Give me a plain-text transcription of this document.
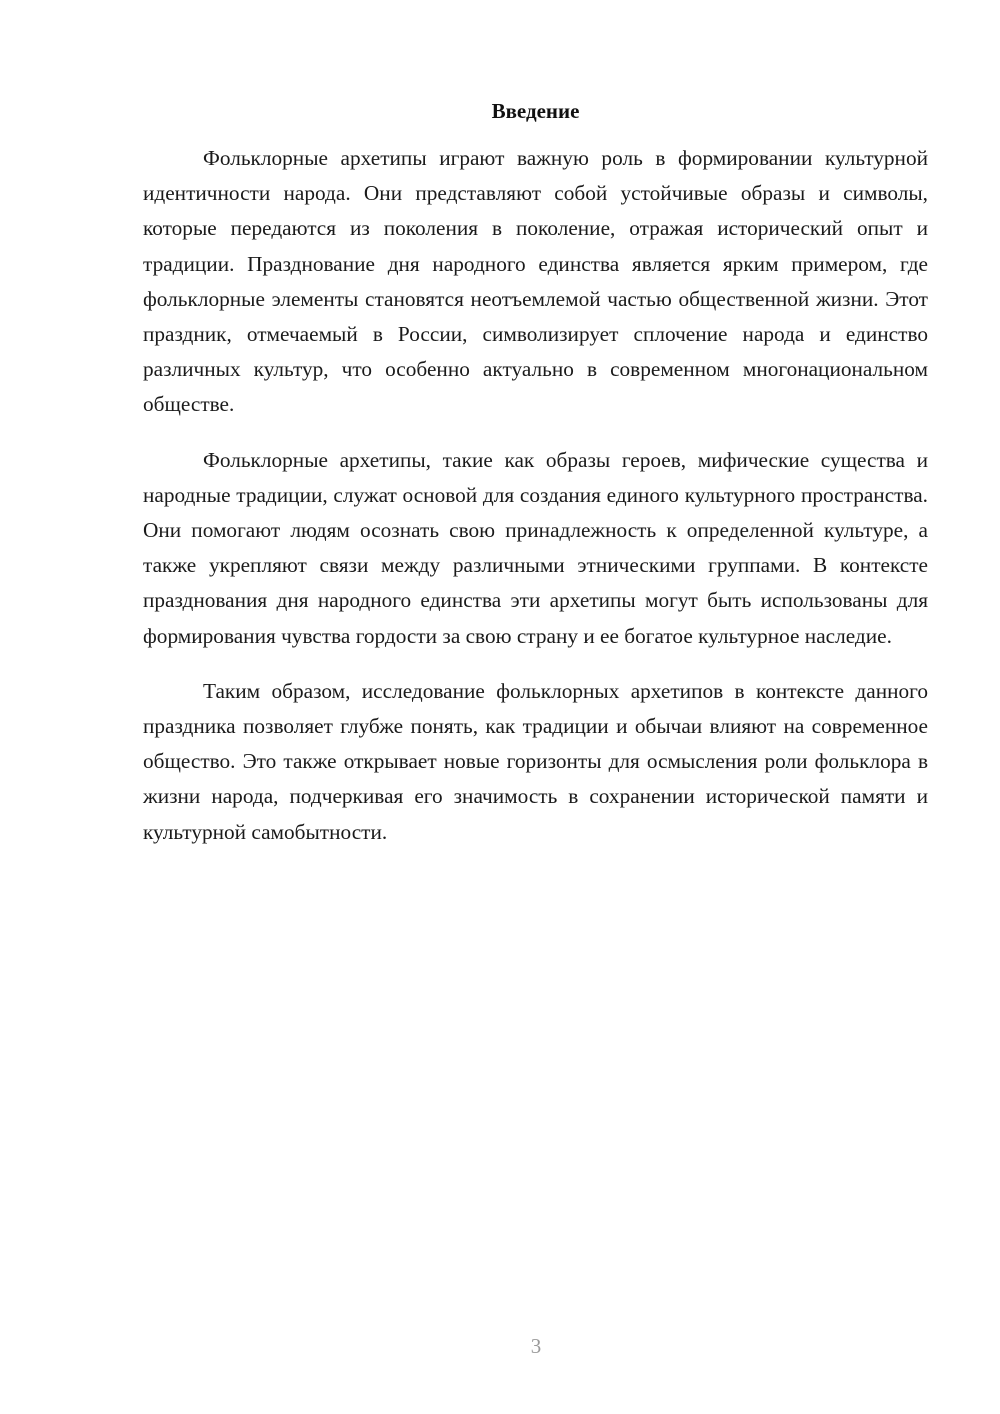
Введение

Фольклорные архетипы играют важную роль в формировании культурной идентичности народа. Они представляют собой устойчивые образы и символы, которые передаются из поколения в поколение, отражая исторический опыт и традиции. Празднование дня народного единства является ярким примером, где фольклорные элементы становятся неотъемлемой частью общественной жизни. Этот праздник, отмечаемый в России, символизирует сплочение народа и единство различных культур, что особенно актуально в современном многонациональном обществе.

Фольклорные архетипы, такие как образы героев, мифические существа и народные традиции, служат основой для создания единого культурного пространства. Они помогают людям осознать свою принадлежность к определенной культуре, а также укрепляют связи между различными этническими группами. В контексте празднования дня народного единства эти архетипы могут быть использованы для формирования чувства гордости за свою страну и ее богатое культурное наследие.

Таким образом, исследование фольклорных архетипов в контексте данного праздника позволяет глубже понять, как традиции и обычаи влияют на современное общество. Это также открывает новые горизонты для осмысления роли фольклора в жизни народа, подчеркивая его значимость в сохранении исторической памяти и культурной самобытности.

3
